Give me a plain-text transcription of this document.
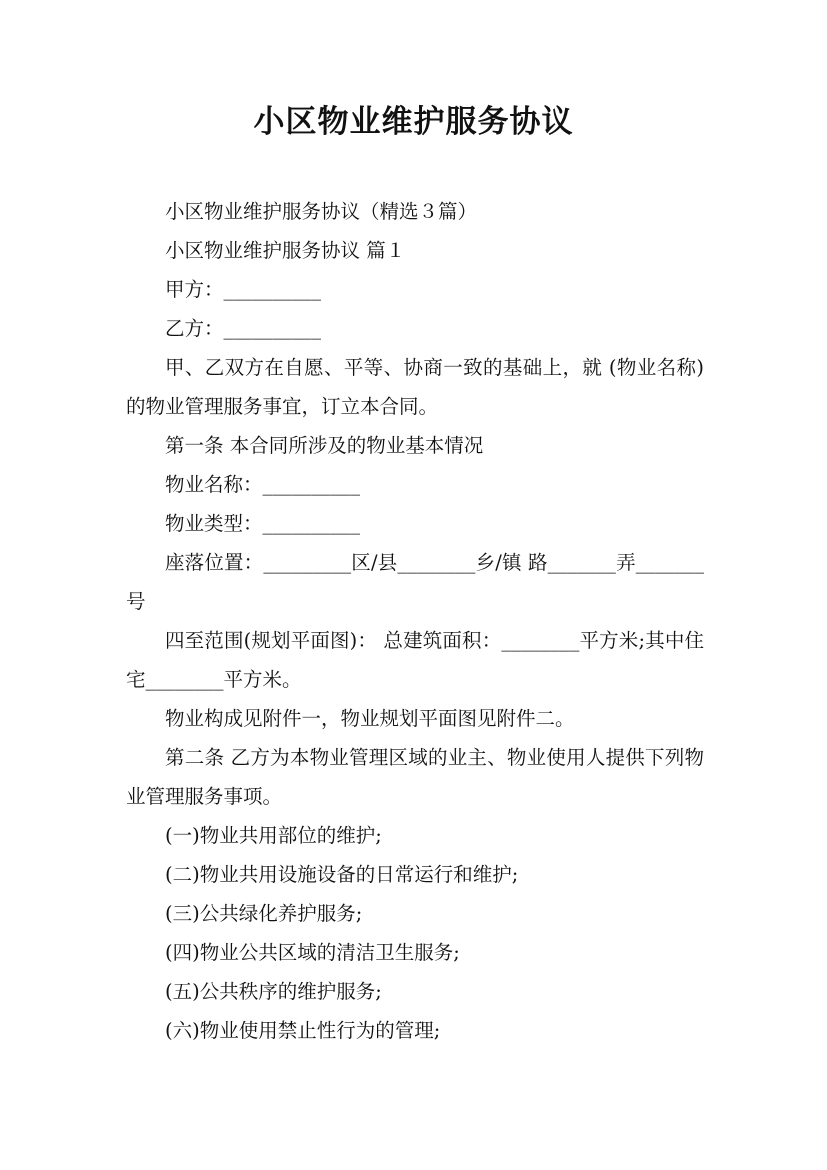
小区物业维护服务协议

小区物业维护服务协议（精选３篇）

小区物业维护服务协议 篇１

甲方：__________

乙方：__________

甲、乙双方在自愿、平等、协商一致的基础上，就 (物业名称)的物业管理服务事宜，订立本合同。

第一条 本合同所涉及的物业基本情况

物业名称：__________

物业类型：__________

座落位置：_________区/县________乡/镇 路_______弄_______号

四至范围(规划平面图)： 总建筑面积：________平方米;其中住宅________平方米。

物业构成见附件一，物业规划平面图见附件二。

第二条 乙方为本物业管理区域的业主、物业使用人提供下列物业管理服务事项。

(一)物业共用部位的维护;

(二)物业共用设施设备的日常运行和维护;

(三)公共绿化养护服务;

(四)物业公共区域的清洁卫生服务;

(五)公共秩序的维护服务;

(六)物业使用禁止性行为的管理;
